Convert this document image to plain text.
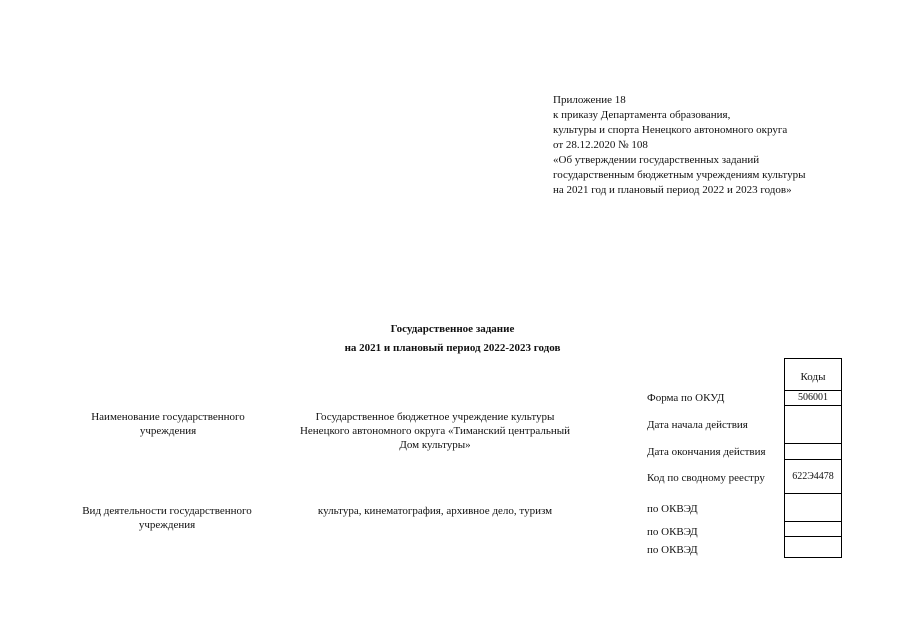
Приложение 18
к приказу Департамента образования,
культуры и спорта Ненецкого автономного округа
от 28.12.2020 № 108
«Об утверждении государственных заданий
государственным бюджетным учреждениям культуры
на 2021 год и плановый период 2022 и 2023 годов»
Государственное задание
на 2021 и плановый период 2022-2023 годов
Наименование государственного
учреждения
Государственное бюджетное учреждение культуры
Ненецкого автономного округа «Тиманский центральный
Дом культуры»
Вид деятельности государственного
учреждения
культура, кинематография, архивное дело, туризм
Форма по ОКУД
Дата начала действия
Дата окончания действия
Код по сводному реестру
по ОКВЭД
по ОКВЭД
по ОКВЭД
Коды
506001
622Э4478
